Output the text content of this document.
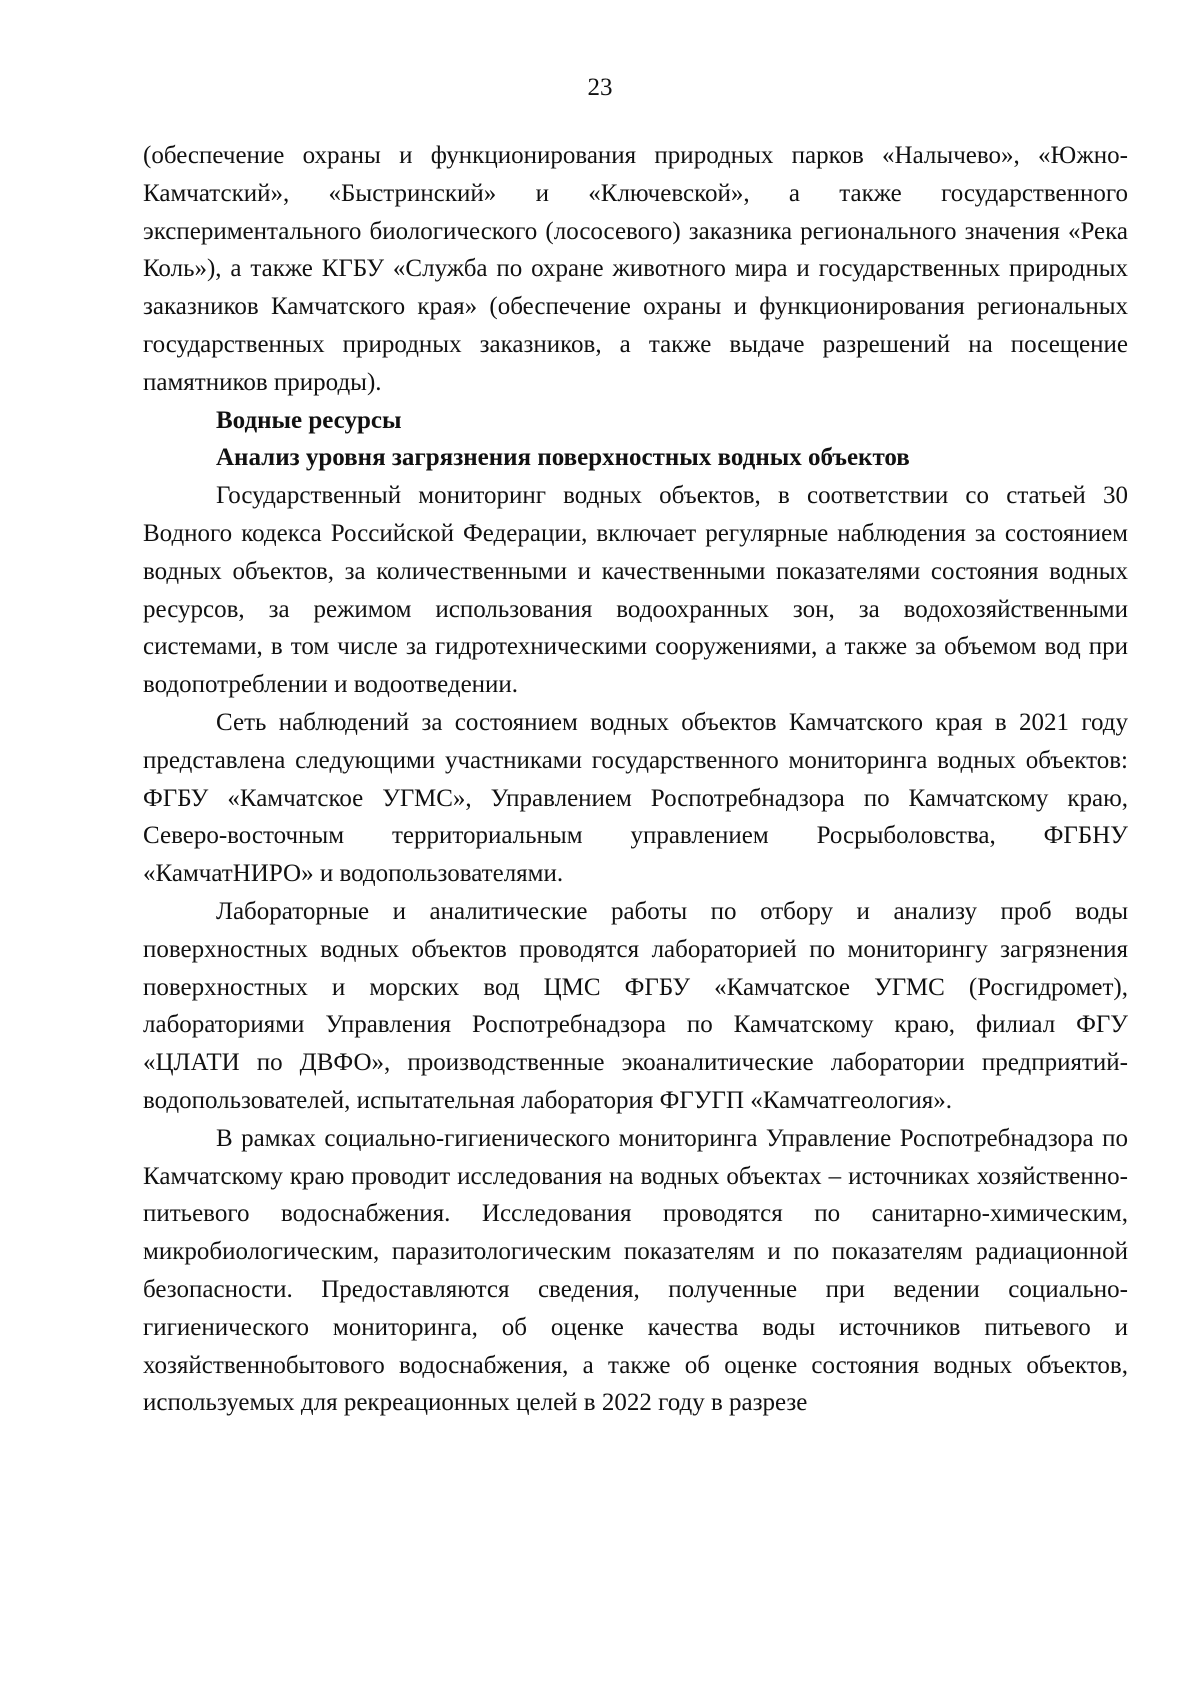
23

(обеспечение охраны и функционирования природных парков «Налычево», «Южно-Камчатский», «Быстринский» и «Ключевской», а также государственного экспериментального биологического (лососевого) заказника регионального значения «Река Коль»), а также КГБУ «Служба по охране животного мира и государственных природных заказников Камчатского края» (обеспечение охраны и функционирования региональных государственных природных заказников, а также выдаче разрешений на посещение памятников природы).

Водные ресурсы

Анализ уровня загрязнения поверхностных водных объектов

Государственный мониторинг водных объектов, в соответствии со статьей 30 Водного кодекса Российской Федерации, включает регулярные наблюдения за состоянием водных объектов, за количественными и качественными показателями состояния водных ресурсов, за режимом использования водоохранных зон, за водохозяйственными системами, в том числе за гидротехническими сооружениями, а также за объемом вод при водопотреблении и водоотведении.

Сеть наблюдений за состоянием водных объектов Камчатского края в 2021 году представлена следующими участниками государственного мониторинга водных объектов: ФГБУ «Камчатское УГМС», Управлением Роспотребнадзора по Камчатскому краю, Северо-восточным территориальным управлением Росрыболовства, ФГБНУ «КамчатНИРО» и водопользователями.

Лабораторные и аналитические работы по отбору и анализу проб воды поверхностных водных объектов проводятся лабораторией по мониторингу загрязнения поверхностных и морских вод ЦМС ФГБУ «Камчатское УГМС (Росгидромет), лабораториями Управления Роспотребнадзора по Камчатскому краю, филиал ФГУ «ЦЛАТИ по ДВФО», производственные экоаналитические лаборатории предприятий-водопользователей, испытательная лаборатория ФГУГП «Камчатгеология».

В рамках социально-гигиенического мониторинга Управление Роспотребнадзора по Камчатскому краю проводит исследования на водных объектах – источниках хозяйственно-питьевого водоснабжения. Исследования проводятся по санитарно-химическим, микробиологическим, паразитологическим показателям и по показателям радиационной безопасности. Предоставляются сведения, полученные при ведении социально-гигиенического мониторинга, об оценке качества воды источников питьевого и хозяйственнобытового водоснабжения, а также об оценке состояния водных объектов, используемых для рекреационных целей в 2022 году в разрезе
